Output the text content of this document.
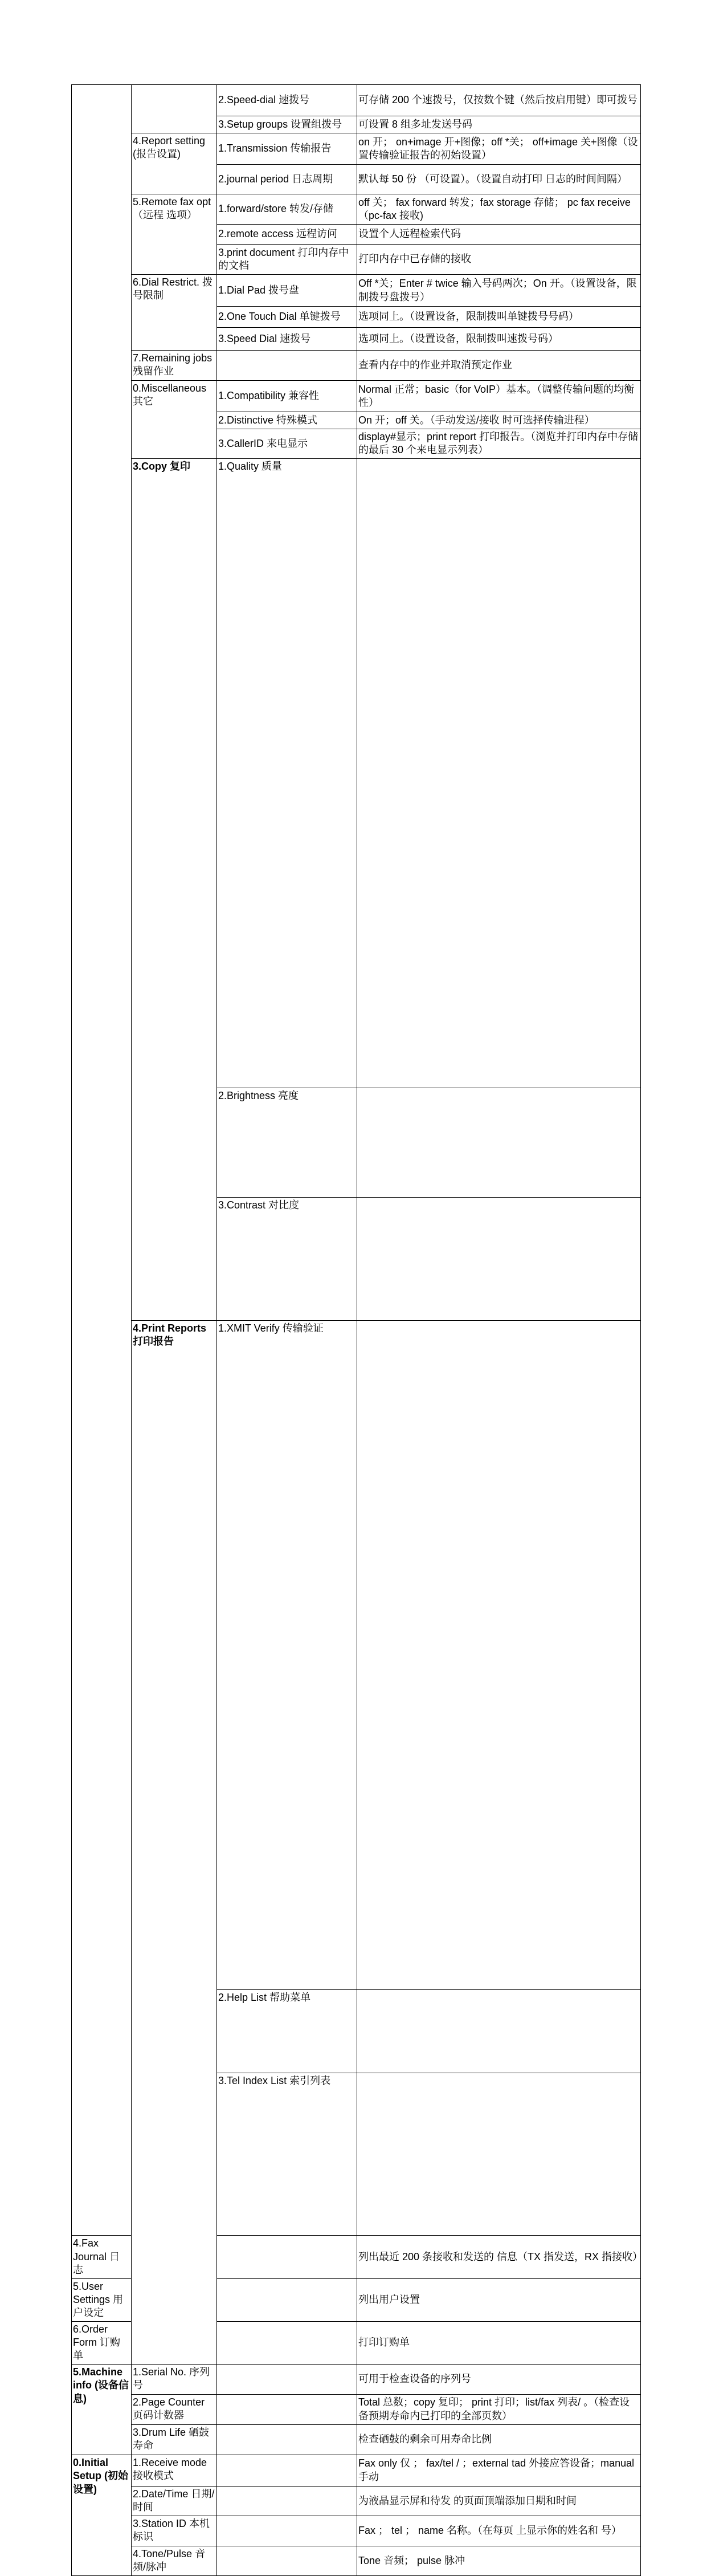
		2.Speed-dial 速拨号	可存储 200 个速拨号，仅按数个键（然后按启用键）即可拨号	
		3.Setup groups 设置组拨号	可设置 8 组多址发送号码	
	4.Report setting (报告设置)	1.Transmission 传输报告	on 开； on+image 开+图像；off *关； off+image 关+图像（设置传输验证报告的初始设置）	
		2.journal period 日志周期	默认每 50 份 （可设置）。（设置自动打印 日志的时间间隔）	
	5.Remote fax opt （远程 选项）	1.forward/store 转发/存储	off 关； fax forward 转发；fax storage 存储； pc fax receive （pc-fax 接收)	
		2.remote access 远程访问	设置个人远程检索代码	
		3.print document 打印内存中的文档	打印内存中已存储的接收	
	6.Dial Restrict. 拨号限制	1.Dial Pad 拨号盘	Off *关；Enter # twice 输入号码两次；On 开。（设置设备，限制拨号盘拨号）	
		2.One Touch Dial 单键拨号	选项同上。（设置设备，限制拨叫单键拨号号码）	
		3.Speed Dial 速拨号	选项同上。（设置设备，限制拨叫速拨号码）	
	7.Remaining jobs 残留作业		查看内存中的作业并取消预定作业	
	0.Miscellaneous 其它	1.Compatibility 兼容性	Normal 正常；basic（for VoIP）基本。（调整传输问题的均衡性）	
		2.Distinctive 特殊模式	On 开；off 关。（手动发送/接收 时可选择传输进程）	
		3.CallerID 来电显示	display#显示；print report 打印报告。（浏览并打印内存中存储的最后 30 个来电显示列表）	
	3.Copy 复印	1.Quality 质量		
		2.Brightness 亮度		
		3.Contrast 对比度		
	4.Print Reports 打印报告	1.XMIT Verify 传输验证		
		2.Help List 帮助菜单		
		3.Tel Index List 索引列表		
4.Fax Journal 日志			列出最近 200 条接收和发送的 信息（TX 指发送，RX 指接收）	
5.User Settings 用户设定			列出用户设置	
6.Order Form 订购单			打印订购单	
5.Machine info (设备信息)	1.Serial No. 序列号		可用于检查设备的序列号	
	2.Page Counter 页码计数器		Total 总数；copy 复印； print 打印；list/fax 列表/ 。（检查设备预期寿命内已打印的全部页数）	
	3.Drum Life 硒鼓寿命		检查硒鼓的剩余可用寿命比例	
0.Initial Setup (初始设置)	1.Receive mode 接收模式		Fax only 仅 ； fax/tel / ；external tad 外接应答设备；manual 手动	
	2.Date/Time 日期/时间		为液晶显示屏和待发 的页面顶端添加日期和时间	
	3.Station ID 本机标识		Fax ； tel ； name 名称。（在每页 上显示你的姓名和 号）	
	4.Tone/Pulse 音频/脉冲		Tone 音频； pulse 脉冲	
